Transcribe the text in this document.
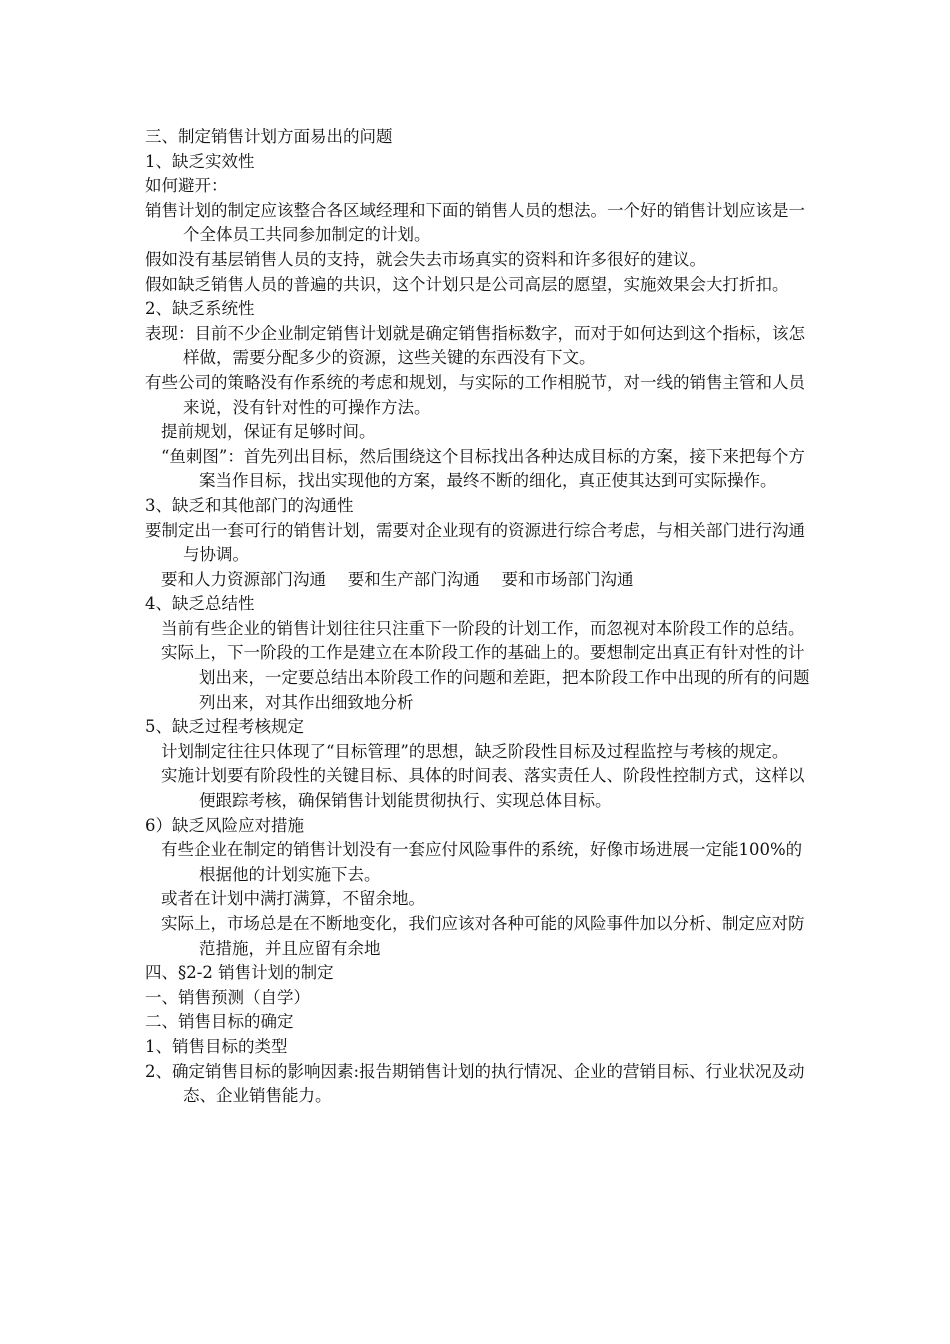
三、制定销售计划方面易出的问题

1、缺乏实效性

如何避开：

销售计划的制定应该整合各区域经理和下面的销售人员的想法。一个好的销售计划应该是一个全体员工共同参加制定的计划。

假如没有基层销售人员的支持，就会失去市场真实的资料和许多很好的建议。

假如缺乏销售人员的普遍的共识，这个计划只是公司高层的愿望，实施效果会大打折扣。

2、缺乏系统性

表现：目前不少企业制定销售计划就是确定销售指标数字，而对于如何达到这个指标，该怎样做，需要分配多少的资源，这些关键的东西没有下文。

有些公司的策略没有作系统的考虑和规划，与实际的工作相脱节，对一线的销售主管和人员来说，没有针对性的可操作方法。

提前规划，保证有足够时间。

“鱼刺图”：首先列出目标，然后围绕这个目标找出各种达成目标的方案，接下来把每个方案当作目标，找出实现他的方案，最终不断的细化，真正使其达到可实际操作。

3、缺乏和其他部门的沟通性

要制定出一套可行的销售计划，需要对企业现有的资源进行综合考虑，与相关部门进行沟通与协调。

要和人力资源部门沟通　 要和生产部门沟通　 要和市场部门沟通

4、缺乏总结性

当前有些企业的销售计划往往只注重下一阶段的计划工作，而忽视对本阶段工作的总结。

实际上，下一阶段的工作是建立在本阶段工作的基础上的。要想制定出真正有针对性的计划出来，一定要总结出本阶段工作的问题和差距，把本阶段工作中出现的所有的问题列出来，对其作出细致地分析

5、缺乏过程考核规定

计划制定往往只体现了“目标管理”的思想，缺乏阶段性目标及过程监控与考核的规定。

实施计划要有阶段性的关键目标、具体的时间表、落实责任人、阶段性控制方式，这样以便跟踪考核，确保销售计划能贯彻执行、实现总体目标。

6）缺乏风险应对措施

有些企业在制定的销售计划没有一套应付风险事件的系统，好像市场进展一定能100%的根据他的计划实施下去。

或者在计划中满打满算，不留余地。

实际上，市场总是在不断地变化，我们应该对各种可能的风险事件加以分析、制定应对防范措施，并且应留有余地

四、§2-2 销售计划的制定

一、销售预测（自学）

二、销售目标的确定

1、销售目标的类型

2、确定销售目标的影响因素:报告期销售计划的执行情况、企业的营销目标、行业状况及动态、企业销售能力。
